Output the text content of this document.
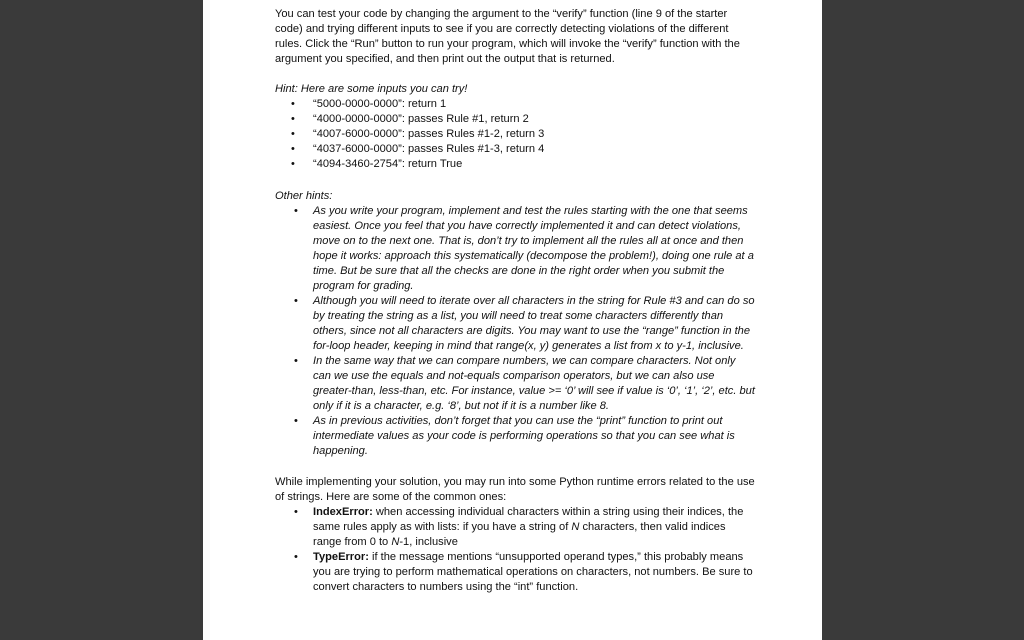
You can test your code by changing the argument to the “verify” function (line 9 of the starter code) and trying different inputs to see if you are correctly detecting violations of the different rules. Click the “Run” button to run your program, which will invoke the “verify” function with the argument you specified, and then print out the output that is returned.

Hint: Here are some inputs you can try!

• “5000-0000-0000”: return 1
• “4000-0000-0000”: passes Rule #1, return 2
• “4007-6000-0000”: passes Rules #1-2, return 3
• “4037-6000-0000”: passes Rules #1-3, return 4
• “4094-3460-2754”: return True

Other hints:

• As you write your program, implement and test the rules starting with the one that seems easiest. Once you feel that you have correctly implemented it and can detect violations, move on to the next one. That is, don’t try to implement all the rules all at once and then hope it works: approach this systematically (decompose the problem!), doing one rule at a time. But be sure that all the checks are done in the right order when you submit the program for grading.
• Although you will need to iterate over all characters in the string for Rule #3 and can do so by treating the string as a list, you will need to treat some characters differently than others, since not all characters are digits. You may want to use the “range” function in the for-loop header, keeping in mind that range(x, y) generates a list from x to y-1, inclusive.
• In the same way that we can compare numbers, we can compare characters. Not only can we use the equals and not-equals comparison operators, but we can also use greater-than, less-than, etc. For instance, value >= ‘0’ will see if value is ‘0’, ‘1’, ‘2’, etc. but only if it is a character, e.g. ‘8’, but not if it is a number like 8.
• As in previous activities, don’t forget that you can use the “print” function to print out intermediate values as your code is performing operations so that you can see what is happening.

While implementing your solution, you may run into some Python runtime errors related to the use of strings. Here are some of the common ones:

• IndexError: when accessing individual characters within a string using their indices, the same rules apply as with lists: if you have a string of N characters, then valid indices range from 0 to N-1, inclusive
• TypeError: if the message mentions “unsupported operand types,” this probably means you are trying to perform mathematical operations on characters, not numbers. Be sure to convert characters to numbers using the “int” function.
